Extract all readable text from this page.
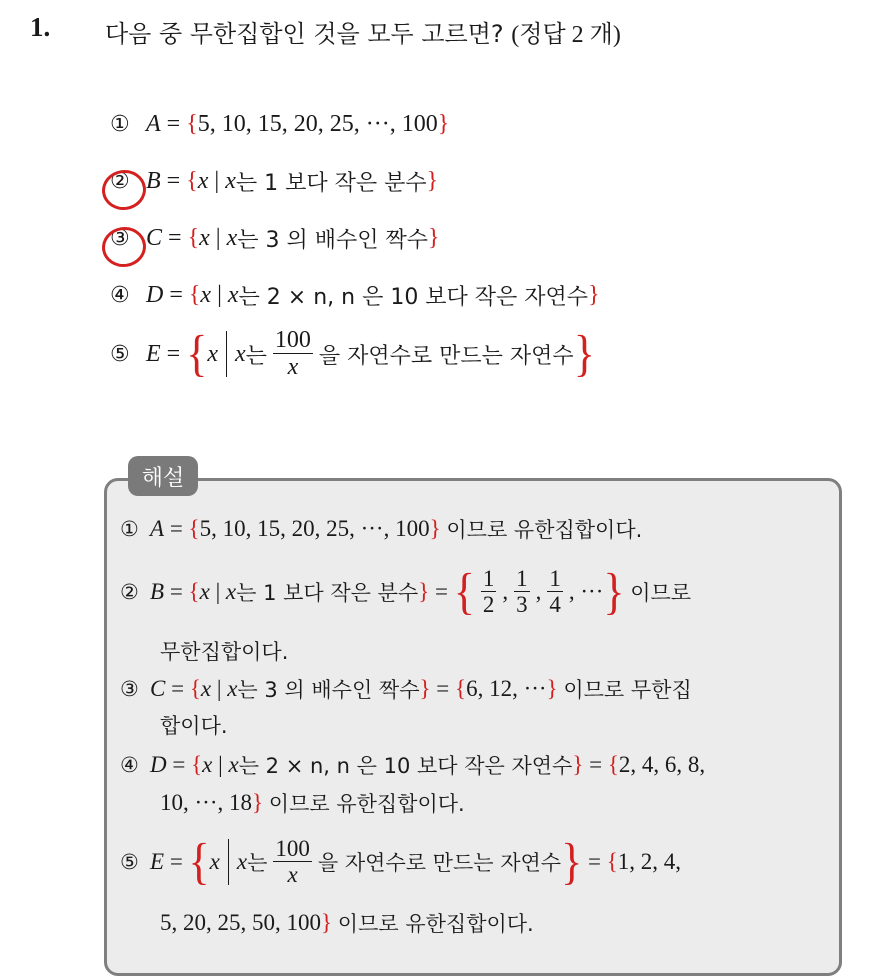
1. 다음 중 무한집합인 것을 모두 고르면? (정답 2 개)
① A = { 5, 10, 15, 20, 25, ···, 100 }
② B = { x | x 는 1 보다 작은 분수 }
③ C = { x | x 는 3 의 배수인 짝수 }
④ D = { x | x 는 2 × n, n 은 10 보다 작은 자연수 }
⑤ E = { x x 는 $\frac{100}{x}$ 을 자연수로 만드는 자연수 }
해설
① A = { 5, 10, 15, 20, 25, ···, 100 }
이므로 유한집합이다.
② B = { x | x 는 1 보다 작은 분수 } = { $\frac{1}{2}$ , $\frac{1}{3}$ , $\frac{1}{4}$ , ··· }
이므로
무한집합이다.
③ C = { x | x 는 3 의 배수인 짝수 } = { 6, 12, ··· }
이므로 무한집
합이다.
④ D = { x | x 는 2 × n, n 은 10 보다 작은 자연수 } = { 2, 4, 6, 8,
10, ···, 18 }
이므로 유한집합이다.
⑤ E = { x x 는 $\frac{100}{x}$ 을 자연수로 만드는 자연수 } = { 1, 2, 4,
5, 20, 25, 50, 100 }
이므로 유한집합이다.
